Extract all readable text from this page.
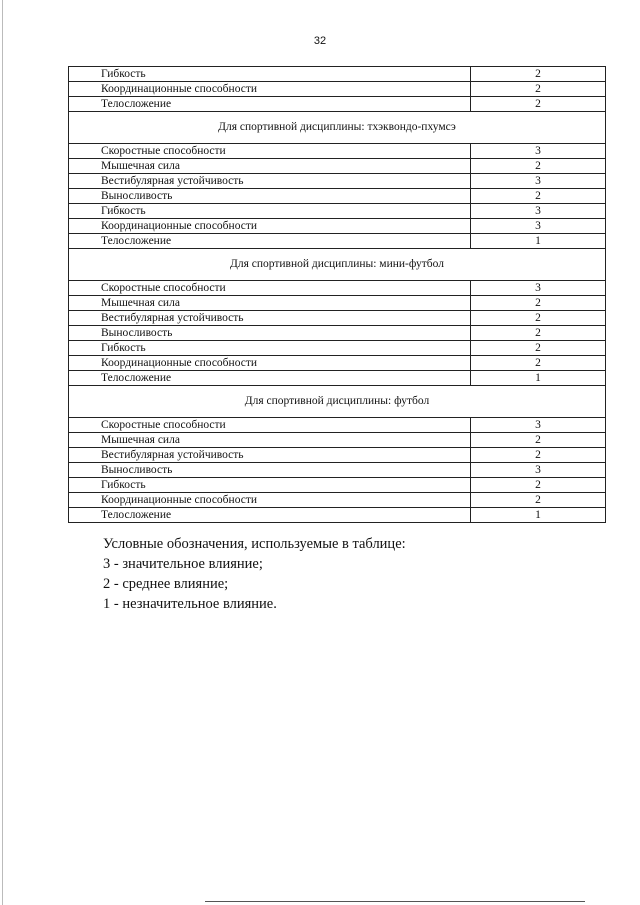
32
Гибкость	2
Координационные способности	2
Телосложение	2
Для спортивной дисциплины: тхэквондо-пхумсэ	
Скоростные способности	3
Мышечная сила	2
Вестибулярная устойчивость	3
Выносливость	2
Гибкость	3
Координационные способности	3
Телосложение	1
Для спортивной дисциплины: мини-футбол	
Скоростные способности	3
Мышечная сила	2
Вестибулярная устойчивость	2
Выносливость	2
Гибкость	2
Координационные способности	2
Телосложение	1
Для спортивной дисциплины: футбол	
Скоростные способности	3
Мышечная сила	2
Вестибулярная устойчивость	2
Выносливость	3
Гибкость	2
Координационные способности	2
Телосложение	1
Условные обозначения, используемые в таблице:
3 - значительное влияние;
2 - среднее влияние;
1 - незначительное влияние.
